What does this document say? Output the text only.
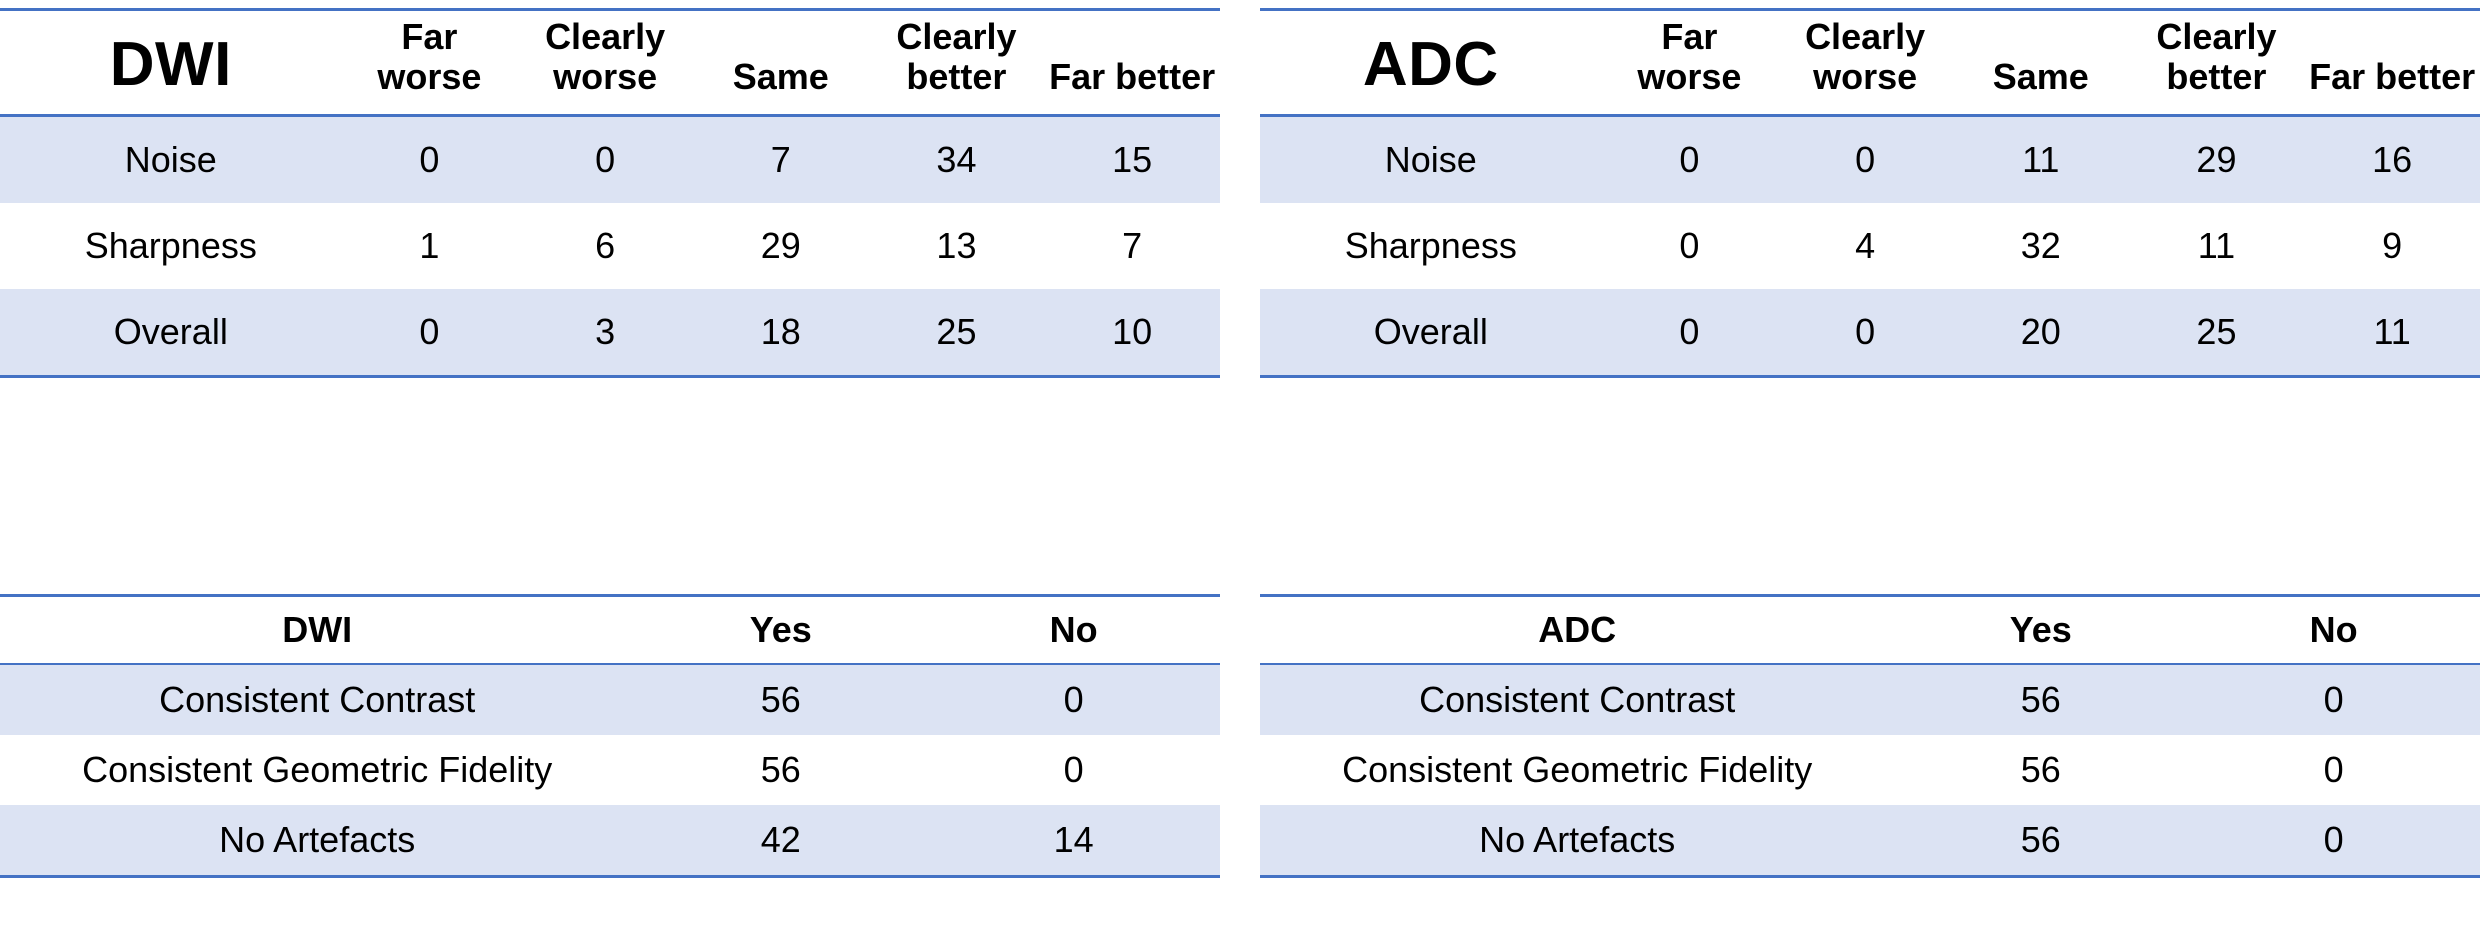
DWI	Far worse	Clearly worse	Same	Clearly better	Far better
Noise	0	0	7	34	15
Sharpness	1	6	29	13	7
Overall	0	3	18	25	10
ADC	Far worse	Clearly worse	Same	Clearly better	Far better
Noise	0	0	11	29	16
Sharpness	0	4	32	11	9
Overall	0	0	20	25	11
DWI	Yes	No
Consistent Contrast	56	0
Consistent Geometric Fidelity	56	0
No Artefacts	42	14
ADC	Yes	No
Consistent Contrast	56	0
Consistent Geometric Fidelity	56	0
No Artefacts	56	0
